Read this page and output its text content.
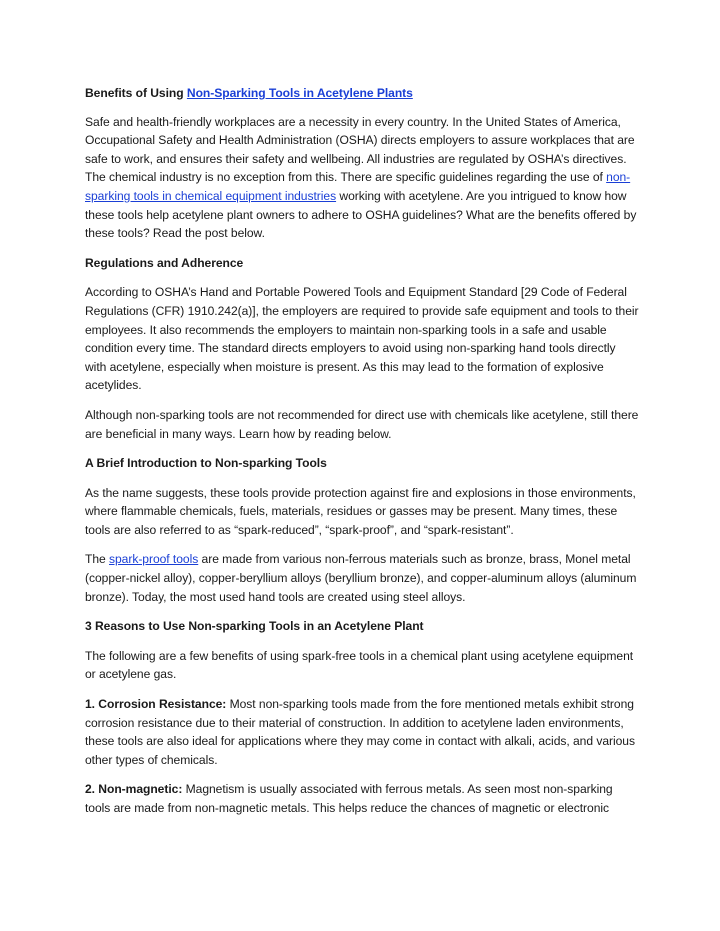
Benefits of Using Non-Sparking Tools in Acetylene Plants

Safe and health-friendly workplaces are a necessity in every country. In the United States of America, Occupational Safety and Health Administration (OSHA) directs employers to assure workplaces that are safe to work, and ensures their safety and wellbeing. All industries are regulated by OSHA’s directives. The chemical industry is no exception from this. There are specific guidelines regarding the use of non-sparking tools in chemical equipment industries working with acetylene. Are you intrigued to know how these tools help acetylene plant owners to adhere to OSHA guidelines? What are the benefits offered by these tools? Read the post below.

Regulations and Adherence

According to OSHA’s Hand and Portable Powered Tools and Equipment Standard [29 Code of Federal Regulations (CFR) 1910.242(a)], the employers are required to provide safe equipment and tools to their employees. It also recommends the employers to maintain non-sparking tools in a safe and usable condition every time. The standard directs employers to avoid using non-sparking hand tools directly with acetylene, especially when moisture is present. As this may lead to the formation of explosive acetylides.

Although non-sparking tools are not recommended for direct use with chemicals like acetylene, still there are beneficial in many ways. Learn how by reading below.

A Brief Introduction to Non-sparking Tools

As the name suggests, these tools provide protection against fire and explosions in those environments, where flammable chemicals, fuels, materials, residues or gasses may be present. Many times, these tools are also referred to as “spark-reduced”, “spark-proof”, and “spark-resistant”.

The spark-proof tools are made from various non-ferrous materials such as bronze, brass, Monel metal (copper-nickel alloy), copper-beryllium alloys (beryllium bronze), and copper-aluminum alloys (aluminum bronze). Today, the most used hand tools are created using steel alloys.

3 Reasons to Use Non-sparking Tools in an Acetylene Plant

The following are a few benefits of using spark-free tools in a chemical plant using acetylene equipment or acetylene gas.

1. Corrosion Resistance: Most non-sparking tools made from the fore mentioned metals exhibit strong corrosion resistance due to their material of construction. In addition to acetylene laden environments, these tools are also ideal for applications where they may come in contact with alkali, acids, and various other types of chemicals.

2. Non-magnetic: Magnetism is usually associated with ferrous metals. As seen most non-sparking tools are made from non-magnetic metals. This helps reduce the chances of magnetic or electronic
